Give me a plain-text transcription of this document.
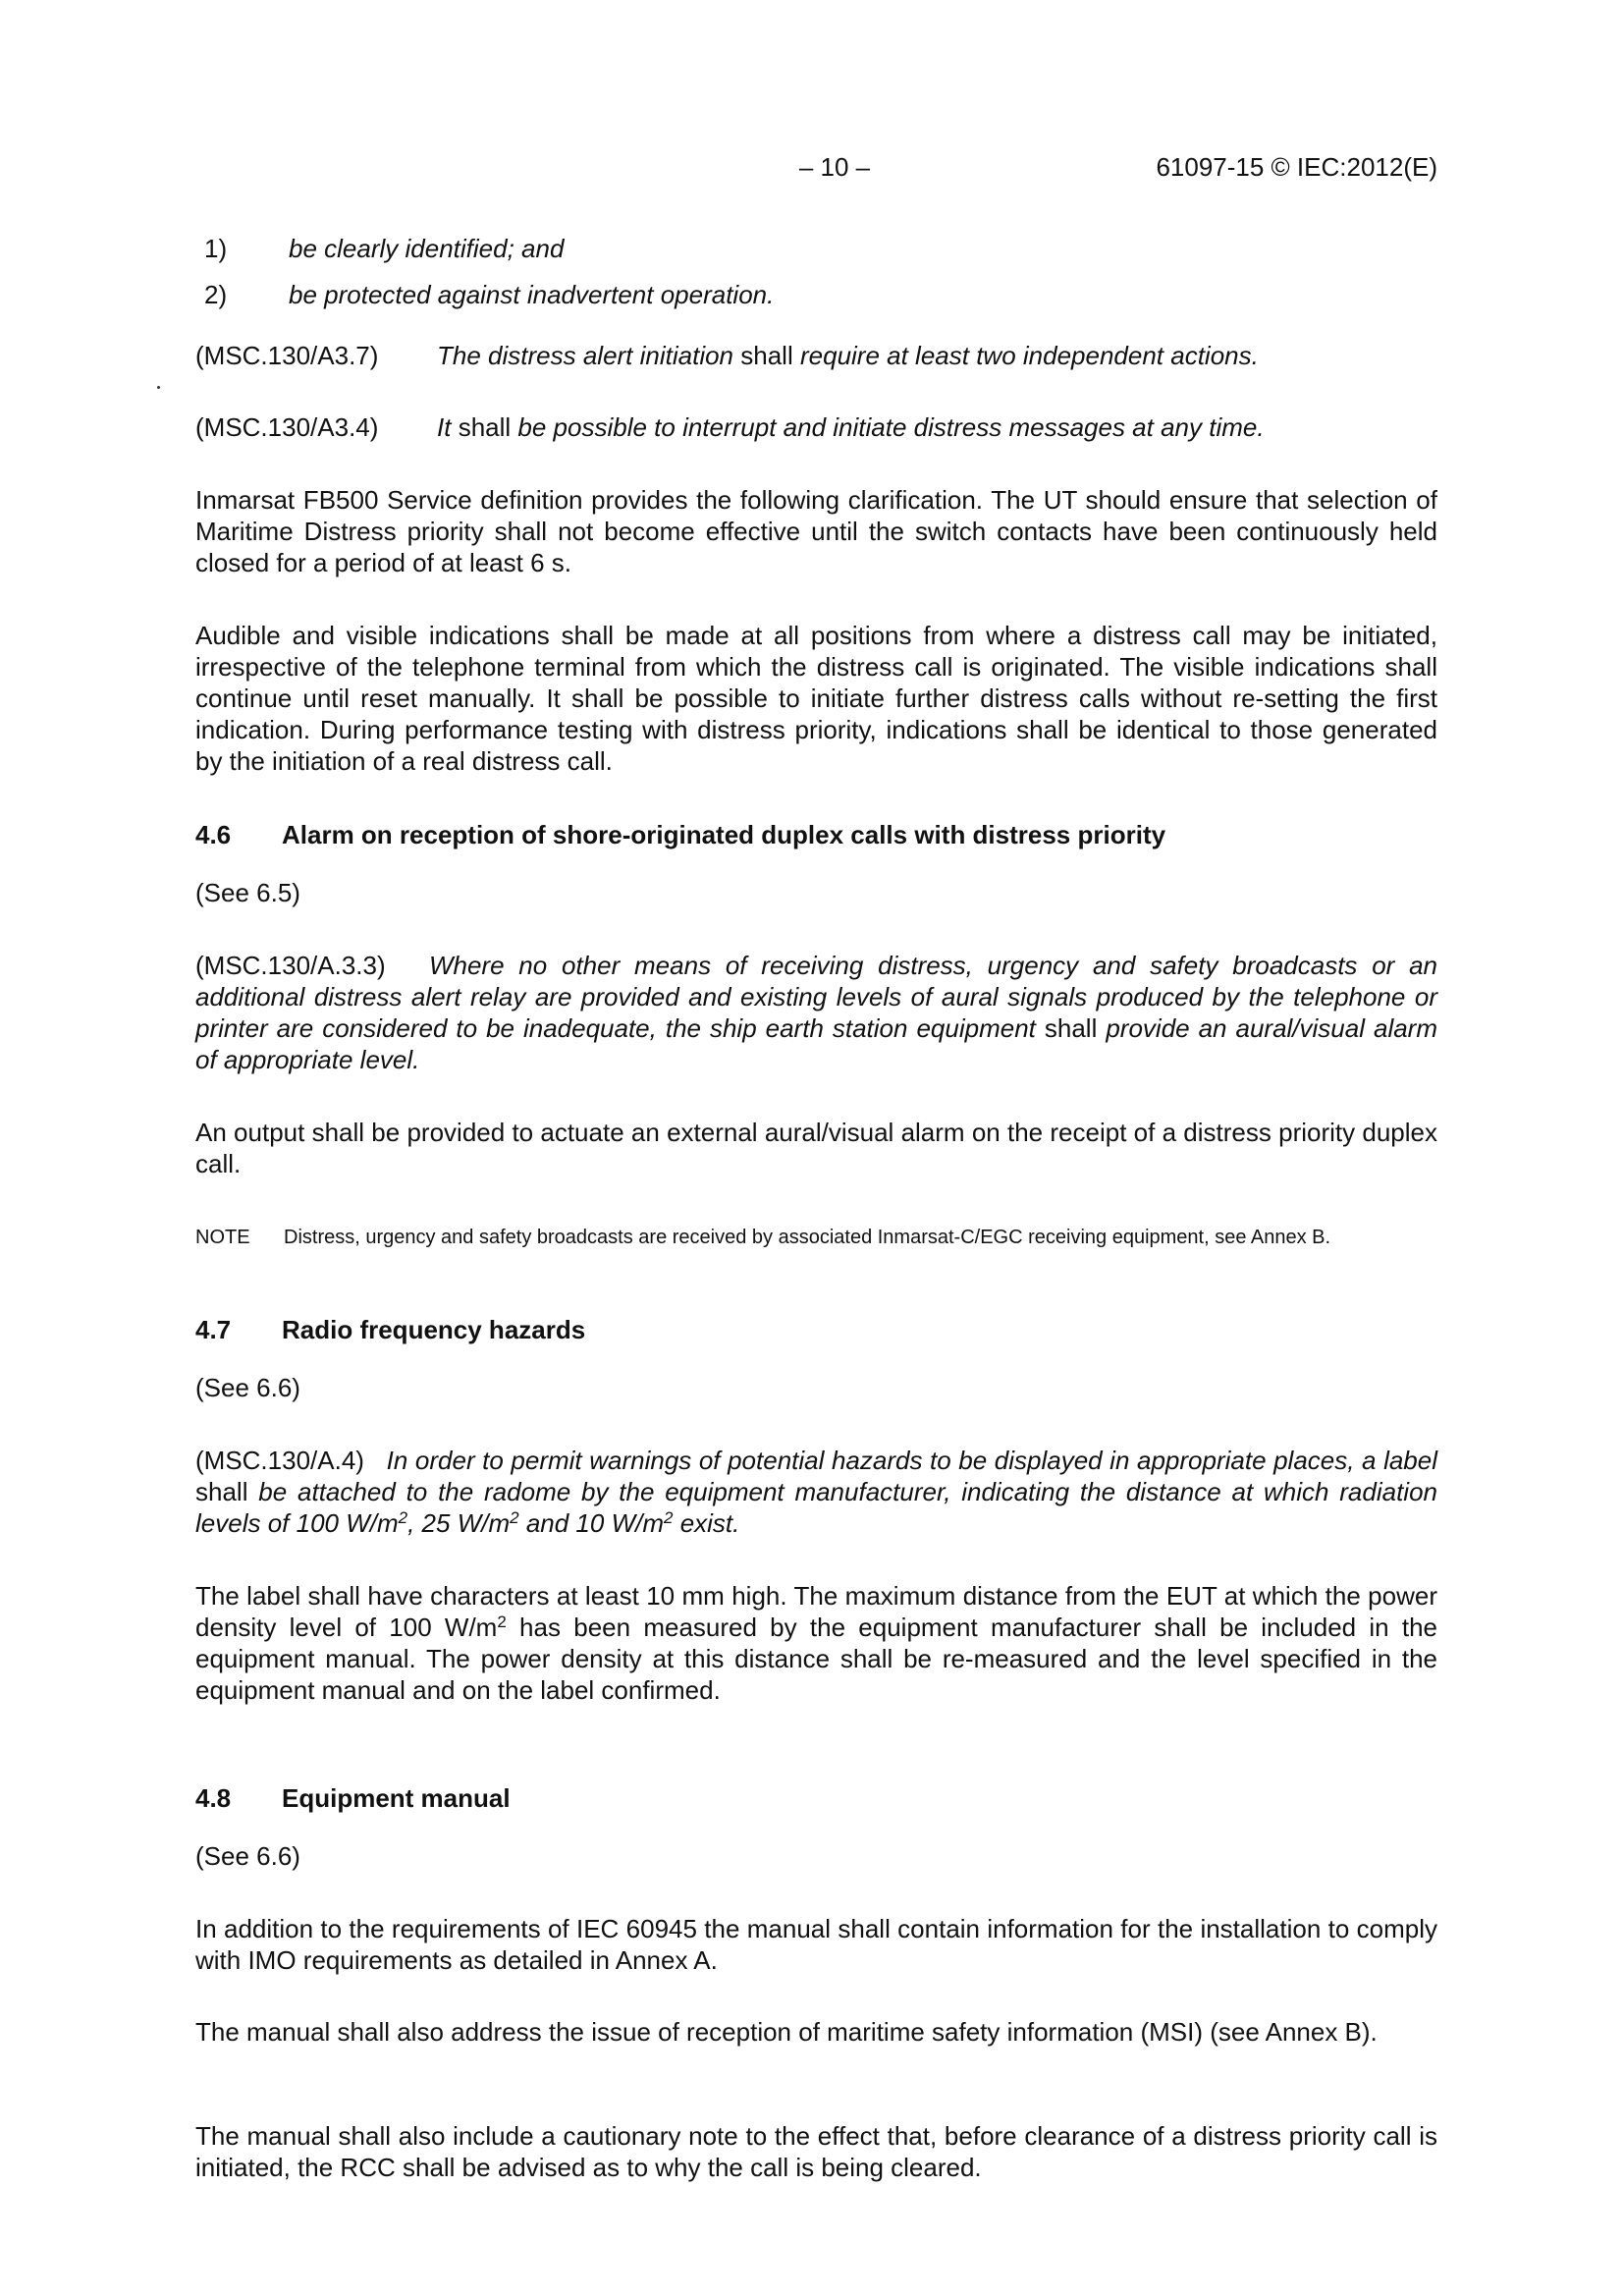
– 10 –	61097-15 © IEC:2012(E)

1) be clearly identified; and

2) be protected against inadvertent operation.

(MSC.130/A3.7) The distress alert initiation shall require at least two independent actions.

(MSC.130/A3.4) It shall be possible to interrupt and initiate distress messages at any time.

Inmarsat FB500 Service definition provides the following clarification. The UT should ensure that selection of Maritime Distress priority shall not become effective until the switch contacts have been continuously held closed for a period of at least 6 s.

Audible and visible indications shall be made at all positions from where a distress call may be initiated, irrespective of the telephone terminal from which the distress call is originated. The visible indications shall continue until reset manually. It shall be possible to initiate further distress calls without re-setting the first indication. During performance testing with distress priority, indications shall be identical to those generated by the initiation of a real distress call.

4.6 Alarm on reception of shore-originated duplex calls with distress priority

(See 6.5)

(MSC.130/A.3.3) Where no other means of receiving distress, urgency and safety broadcasts or an additional distress alert relay are provided and existing levels of aural signals produced by the telephone or printer are considered to be inadequate, the ship earth station equipment shall provide an aural/visual alarm of appropriate level.

An output shall be provided to actuate an external aural/visual alarm on the receipt of a distress priority duplex call.

NOTE Distress, urgency and safety broadcasts are received by associated Inmarsat-C/EGC receiving equipment, see Annex B.

4.7 Radio frequency hazards

(See 6.6)

(MSC.130/A.4) In order to permit warnings of potential hazards to be displayed in appropriate places, a label shall be attached to the radome by the equipment manufacturer, indicating the distance at which radiation levels of 100 $W/m^2$, 25 $W/m^2$ and 10 $W/m^2$ exist.

The label shall have characters at least 10 mm high. The maximum distance from the EUT at which the power density level of 100 $W/m^2$ has been measured by the equipment manufacturer shall be included in the equipment manual. The power density at this distance shall be re-measured and the level specified in the equipment manual and on the label confirmed.

4.8 Equipment manual

(See 6.6)

In addition to the requirements of IEC 60945 the manual shall contain information for the installation to comply with IMO requirements as detailed in Annex A.

The manual shall also address the issue of reception of maritime safety information (MSI) (see Annex B).

The manual shall also include a cautionary note to the effect that, before clearance of a distress priority call is initiated, the RCC shall be advised as to why the call is being cleared.
